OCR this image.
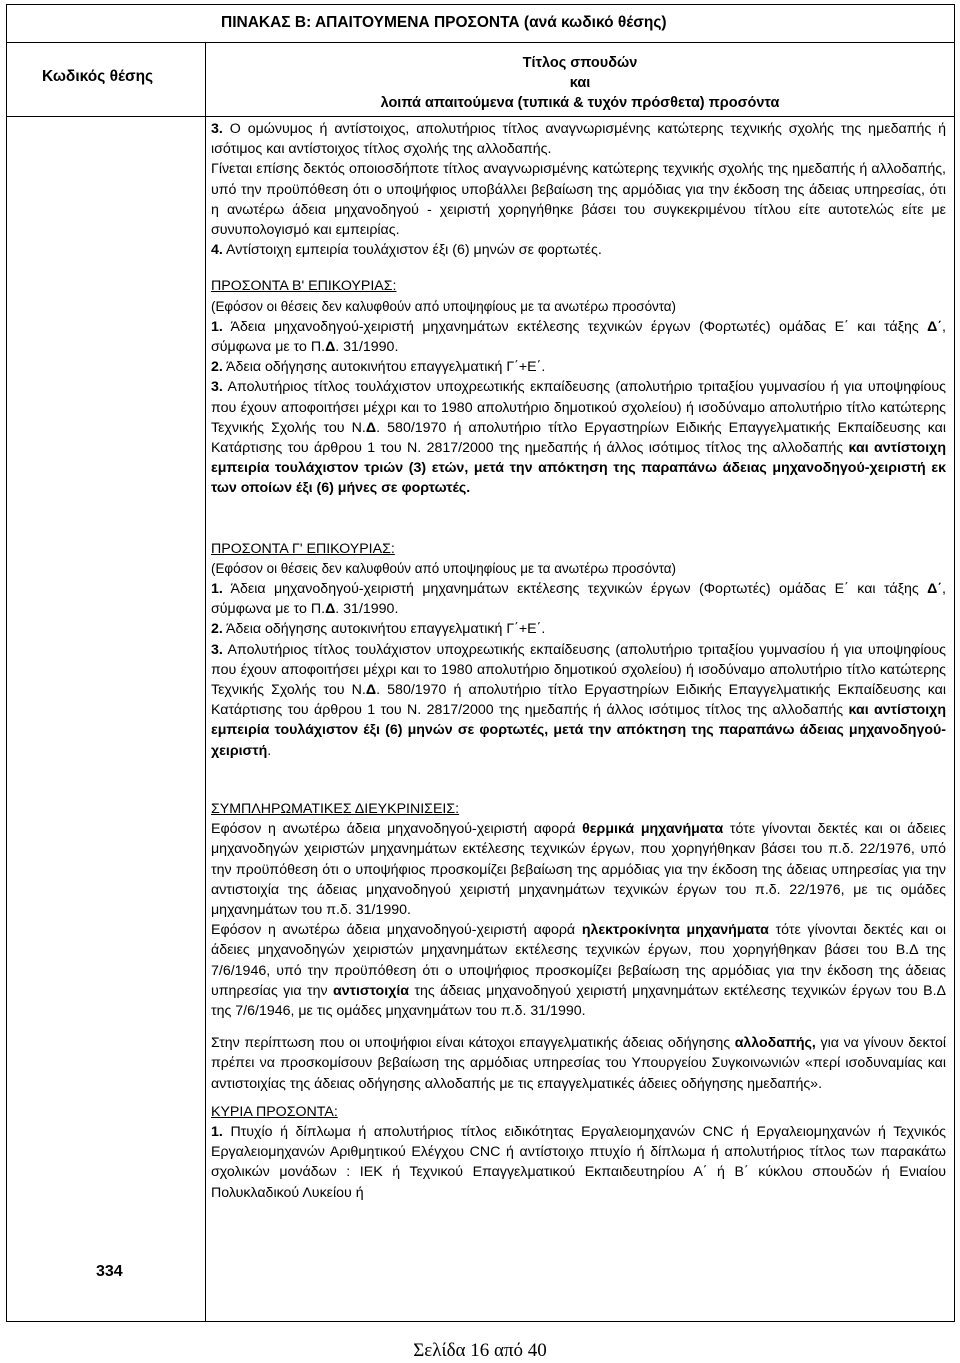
ΠΙΝΑΚΑΣ Β: ΑΠΑΙΤΟΥΜΕΝΑ ΠΡΟΣΟΝΤΑ (ανά κωδικό θέσης)
Κωδικός θέσης
Τίτλος σπουδών
και
λοιπά απαιτούμενα (τυπικά & τυχόν πρόσθετα) προσόντα
334

3. Ο ομώνυμος ή αντίστοιχος, απολυτήριος τίτλος αναγνωρισμένης κατώτερης τεχνικής σχολής της ημεδαπής ή ισότιμος και αντίστοιχος τίτλος σχολής της αλλοδαπής.

Γίνεται επίσης δεκτός οποιοσδήποτε τίτλος αναγνωρισμένης κατώτερης τεχνικής σχολής της ημεδαπής ή αλλοδαπής, υπό την προϋπόθεση ότι ο υποψήφιος υποβάλλει βεβαίωση της αρμόδιας για την έκδοση της άδειας υπηρεσίας, ότι η ανωτέρω άδεια μηχανοδηγού - χειριστή χορηγήθηκε βάσει του συγκεκριμένου τίτλου είτε αυτοτελώς είτε με συνυπολογισμό και εμπειρίας.

4. Αντίστοιχη εμπειρία τουλάχιστον έξι (6) μηνών σε φορτωτές.

ΠΡΟΣΟΝΤΑ Β' ΕΠΙΚΟΥΡΙΑΣ:

(Εφόσον οι θέσεις δεν καλυφθούν από υποψηφίους με τα ανωτέρω προσόντα)

1. Άδεια μηχανοδηγού-χειριστή μηχανημάτων εκτέλεσης τεχνικών έργων (Φορτωτές) ομάδας Ε΄ και τάξης Δ΄, σύμφωνα με το Π.Δ. 31/1990.

2. Άδεια οδήγησης αυτοκινήτου επαγγελματική Γ΄+Ε΄.

3. Απολυτήριος τίτλος τουλάχιστον υποχρεωτικής εκπαίδευσης (απολυτήριο τριταξίου γυμνασίου ή για υποψηφίους που έχουν αποφοιτήσει μέχρι και το 1980 απολυτήριο δημοτικού σχολείου) ή ισοδύναμο απολυτήριο τίτλο κατώτερης Τεχνικής Σχολής του Ν.Δ. 580/1970 ή απολυτήριο τίτλο Εργαστηρίων Ειδικής Επαγγελματικής Εκπαίδευσης και Κατάρτισης του άρθρου 1 του Ν. 2817/2000 της ημεδαπής ή άλλος ισότιμος τίτλος της αλλοδαπής και αντίστοιχη εμπειρία τουλάχιστον τριών (3) ετών, μετά την απόκτηση της παραπάνω άδειας μηχανοδηγού-χειριστή εκ των οποίων έξι (6) μήνες σε φορτωτές.

ΠΡΟΣΟΝΤΑ Γ' ΕΠΙΚΟΥΡΙΑΣ:

(Εφόσον οι θέσεις δεν καλυφθούν από υποψηφίους με τα ανωτέρω προσόντα)

1. Άδεια μηχανοδηγού-χειριστή μηχανημάτων εκτέλεσης τεχνικών έργων (Φορτωτές) ομάδας Ε΄ και τάξης Δ΄, σύμφωνα με το Π.Δ. 31/1990.

2. Άδεια οδήγησης αυτοκινήτου επαγγελματική Γ΄+Ε΄.

3. Απολυτήριος τίτλος τουλάχιστον υποχρεωτικής εκπαίδευσης (απολυτήριο τριταξίου γυμνασίου ή για υποψηφίους που έχουν αποφοιτήσει μέχρι και το 1980 απολυτήριο δημοτικού σχολείου) ή ισοδύναμο απολυτήριο τίτλο κατώτερης Τεχνικής Σχολής του Ν.Δ. 580/1970 ή απολυτήριο τίτλο Εργαστηρίων Ειδικής Επαγγελματικής Εκπαίδευσης και Κατάρτισης του άρθρου 1 του Ν. 2817/2000 της ημεδαπής ή άλλος ισότιμος τίτλος της αλλοδαπής και αντίστοιχη εμπειρία τουλάχιστον έξι (6) μηνών σε φορτωτές, μετά την απόκτηση της παραπάνω άδειας μηχανοδηγού-χειριστή.

ΣΥΜΠΛΗΡΩΜΑΤΙΚΕΣ ΔΙΕΥΚΡΙΝΙΣΕΙΣ:

Εφόσον η ανωτέρω άδεια μηχανοδηγού-χειριστή αφορά θερμικά μηχανήματα τότε γίνονται δεκτές και οι άδειες μηχανοδηγών χειριστών μηχανημάτων εκτέλεσης τεχνικών έργων, που χορηγήθηκαν βάσει του π.δ. 22/1976, υπό την προϋπόθεση ότι ο υποψήφιος προσκομίζει βεβαίωση της αρμόδιας για την έκδοση της άδειας υπηρεσίας για την αντιστοιχία της άδειας μηχανοδηγού χειριστή μηχανημάτων τεχνικών έργων του π.δ. 22/1976, με τις ομάδες μηχανημάτων του π.δ. 31/1990.

Εφόσον η ανωτέρω άδεια μηχανοδηγού-χειριστή αφορά ηλεκτροκίνητα μηχανήματα τότε γίνονται δεκτές και οι άδειες μηχανοδηγών χειριστών μηχανημάτων εκτέλεσης τεχνικών έργων, που χορηγήθηκαν βάσει του Β.Δ της 7/6/1946, υπό την προϋπόθεση ότι ο υποψήφιος προσκομίζει βεβαίωση της αρμόδιας για την έκδοση της άδειας υπηρεσίας για την αντιστοιχία της άδειας μηχανοδηγού χειριστή μηχανημάτων εκτέλεσης τεχνικών έργων του Β.Δ της 7/6/1946, με τις ομάδες μηχανημάτων του π.δ. 31/1990.

Στην περίπτωση που οι υποψήφιοι είναι κάτοχοι επαγγελματικής άδειας οδήγησης αλλοδαπής, για να γίνουν δεκτοί πρέπει να προσκομίσουν βεβαίωση της αρμόδιας υπηρεσίας του Υπουργείου Συγκοινωνιών «περί ισοδυναμίας και αντιστοιχίας της άδειας οδήγησης αλλοδαπής με τις επαγγελματικές άδειες οδήγησης ημεδαπής».

ΚΥΡΙΑ ΠΡΟΣΟΝΤΑ:

1. Πτυχίο ή δίπλωμα ή απολυτήριος τίτλος ειδικότητας Εργαλειομηχανών CNC ή Εργαλειομηχανών ή Τεχνικός Εργαλειομηχανών Αριθμητικού Ελέγχου CNC ή αντίστοιχο πτυχίο ή δίπλωμα ή απολυτήριος τίτλος των παρακάτω σχολικών μονάδων : ΙΕΚ ή Τεχνικού Επαγγελματικού Εκπαιδευτηρίου Α΄ ή Β΄ κύκλου σπουδών ή Ενιαίου Πολυκλαδικού Λυκείου ή

Σελίδα 16 από 40
